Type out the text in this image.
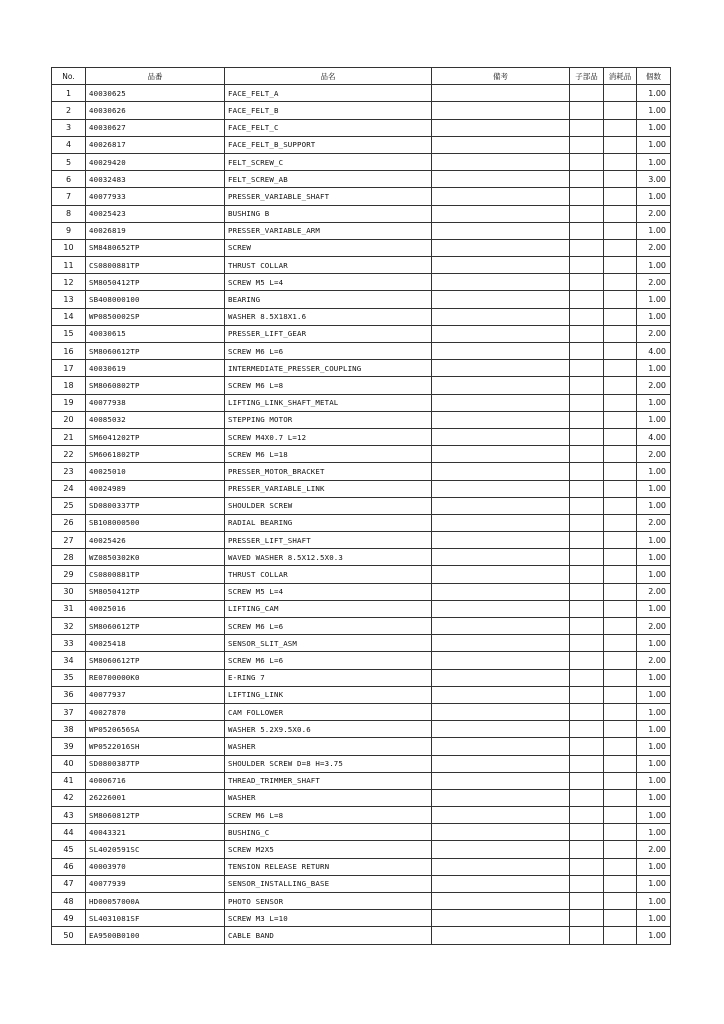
No.	品番	品名	備考	子部品	消耗品	個数
1	40030625	FACE_FELT_A				1.00
2	40030626	FACE_FELT_B				1.00
3	40030627	FACE_FELT_C				1.00
4	40026817	FACE_FELT_B_SUPPORT				1.00
5	40029420	FELT_SCREW_C				1.00
6	40032483	FELT_SCREW_AB				3.00
7	40077933	PRESSER_VARIABLE_SHAFT				1.00
8	40025423	BUSHING B				2.00
9	40026819	PRESSER_VARIABLE_ARM				1.00
10	SM8480652TP	SCREW				2.00
11	CS0800881TP	THRUST COLLAR				1.00
12	SM8050412TP	SCREW M5 L=4				2.00
13	SB408000100	BEARING				1.00
14	WP0850002SP	WASHER 8.5X18X1.6				1.00
15	40030615	PRESSER_LIFT_GEAR				2.00
16	SM8060612TP	SCREW M6 L=6				4.00
17	40030619	INTERMEDIATE_PRESSER_COUPLING				1.00
18	SM8060802TP	SCREW M6 L=8				2.00
19	40077938	LIFTING_LINK_SHAFT_METAL				1.00
20	40085032	STEPPING MOTOR				1.00
21	SM6041202TP	SCREW M4X0.7 L=12				4.00
22	SM6061802TP	SCREW M6 L=18				2.00
23	40025010	PRESSER_MOTOR_BRACKET				1.00
24	40024989	PRESSER_VARIABLE_LINK				1.00
25	SD0800337TP	SHOULDER SCREW				1.00
26	SB108000500	RADIAL BEARING				2.00
27	40025426	PRESSER_LIFT_SHAFT				1.00
28	WZ0850302K0	WAVED WASHER 8.5X12.5X0.3				1.00
29	CS0800881TP	THRUST COLLAR				1.00
30	SM8050412TP	SCREW M5 L=4				2.00
31	40025016	LIFTING_CAM				1.00
32	SM8060612TP	SCREW M6 L=6				2.00
33	40025418	SENSOR_SLIT_ASM				1.00
34	SM8060612TP	SCREW M6 L=6				2.00
35	RE0700000K0	E-RING 7				1.00
36	40077937	LIFTING_LINK				1.00
37	40027870	CAM FOLLOWER				1.00
38	WP0520656SA	WASHER 5.2X9.5X0.6				1.00
39	WP0522016SH	WASHER				1.00
40	SD0800387TP	SHOULDER SCREW D=8 H=3.75				1.00
41	40006716	THREAD_TRIMMER_SHAFT				1.00
42	26226001	WASHER				1.00
43	SM8060812TP	SCREW M6 L=8				1.00
44	40043321	BUSHING_C				1.00
45	SL4020591SC	SCREW M2X5				2.00
46	40003970	TENSION RELEASE RETURN				1.00
47	40077939	SENSOR_INSTALLING_BASE				1.00
48	HD00057000A	PHOTO SENSOR				1.00
49	SL4031081SF	SCREW M3 L=10				1.00
50	EA9500B0100	CABLE BAND				1.00
